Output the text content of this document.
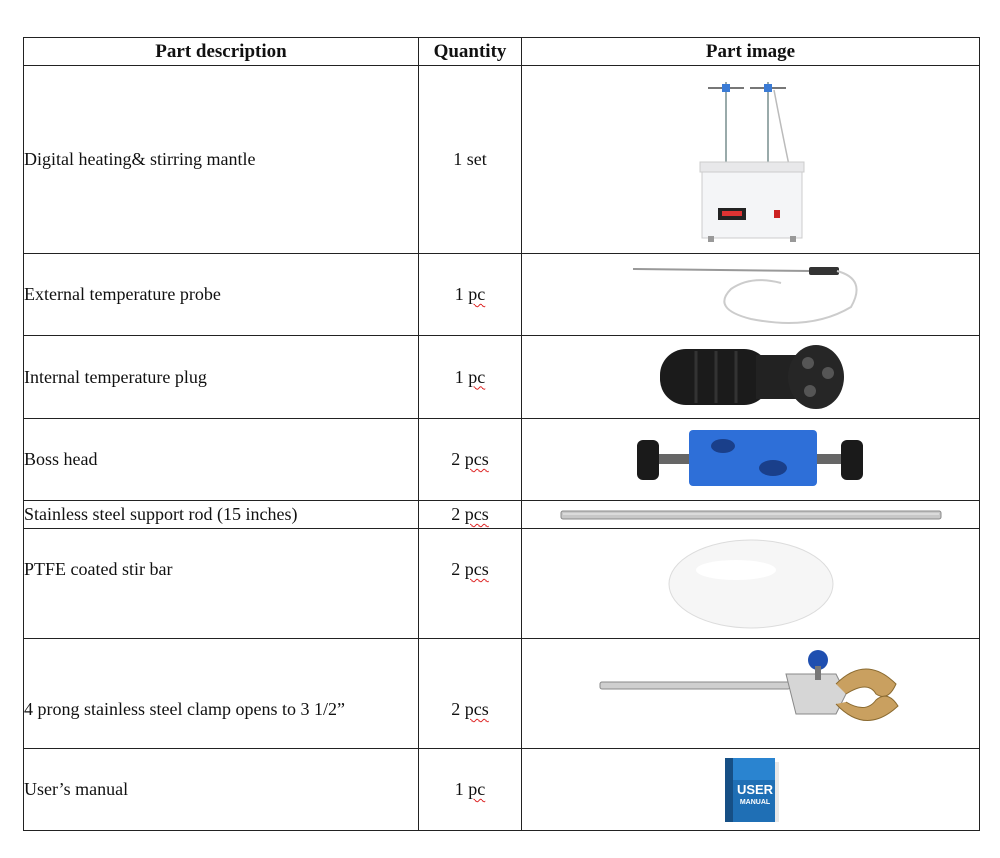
Part description	Quantity	Part image
Digital heating& stirring mantle	1 set	

External temperature probe	1 pc	

Internal temperature plug	1 pc	

Boss head	2 pcs	

Stainless steel support rod (15 inches)	2 pcs	

PTFE coated stir bar	2 pcs	

4 prong stainless steel clamp opens to 3 1/2”	2 pcs	

User’s manual	1 pc	USER
MANUAL
